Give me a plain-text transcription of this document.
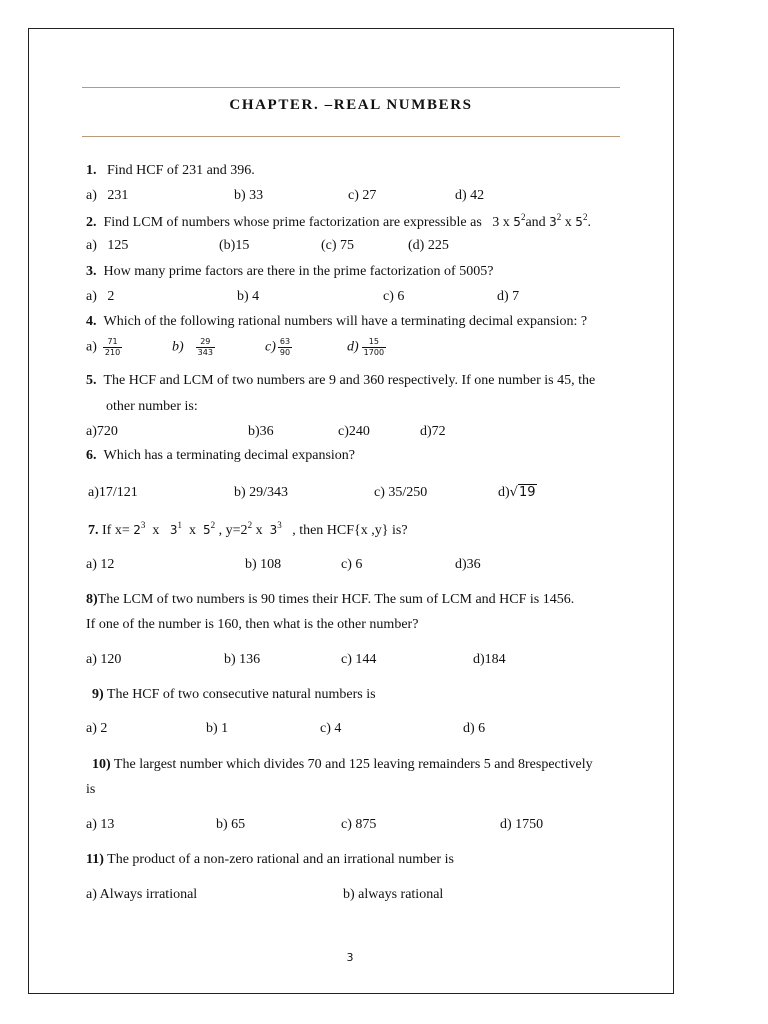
CHAPTER. –REAL NUMBERS
1. Find HCF of 231 and 396.
a)   231	b) 33	c) 27	d) 42
2. Find LCM of numbers whose prime factorization are expressible as   3 x $5^2and$ $3^2$ x $5^2$.
a)   125	(b)15	(c) 75	(d) 225
3. How many prime factors are there in the prime factorization of 5005?
a)   2	b) 4	c) 6	d) 7
4. Which of the following rational numbers will have a terminating decimal expansion: ?
$a) \frac{71}{210}$	$b) \frac{29}{343}$	$c) \frac{63}{90}$	$d) \frac{15}{1700}$
5. The HCF and LCM of two numbers are 9 and 360 respectively. If one number is 45, the
other number is:
a)720	b)36	c)240	d)72
6. Which has a terminating decimal expansion?
a)17/121	b) 29/343	c) 35/250	d)√19
7. If $x= 2^3$  x   $3^1$  x  $5^2$ , $y=2^2$ x  $3^3$ , then HCF{x ,y} is?
a) 12	b) 108	c) 6	d)36
8)The LCM of two numbers is 90 times their HCF. The sum of LCM and HCF is 1456.
If one of the number is 160, then what is the other number?
a) 120	b) 136	c) 144	d)184
9) The HCF of two consecutive natural numbers is
a) 2	b) 1	c) 4	d) 6
10) The largest number which divides 70 and 125 leaving remainders 5 and 8respectively
is
a) 13	b) 65	c) 875	d) 1750
11) The product of a non-zero rational and an irrational number is
a) Always irrational	b) always rational
3
